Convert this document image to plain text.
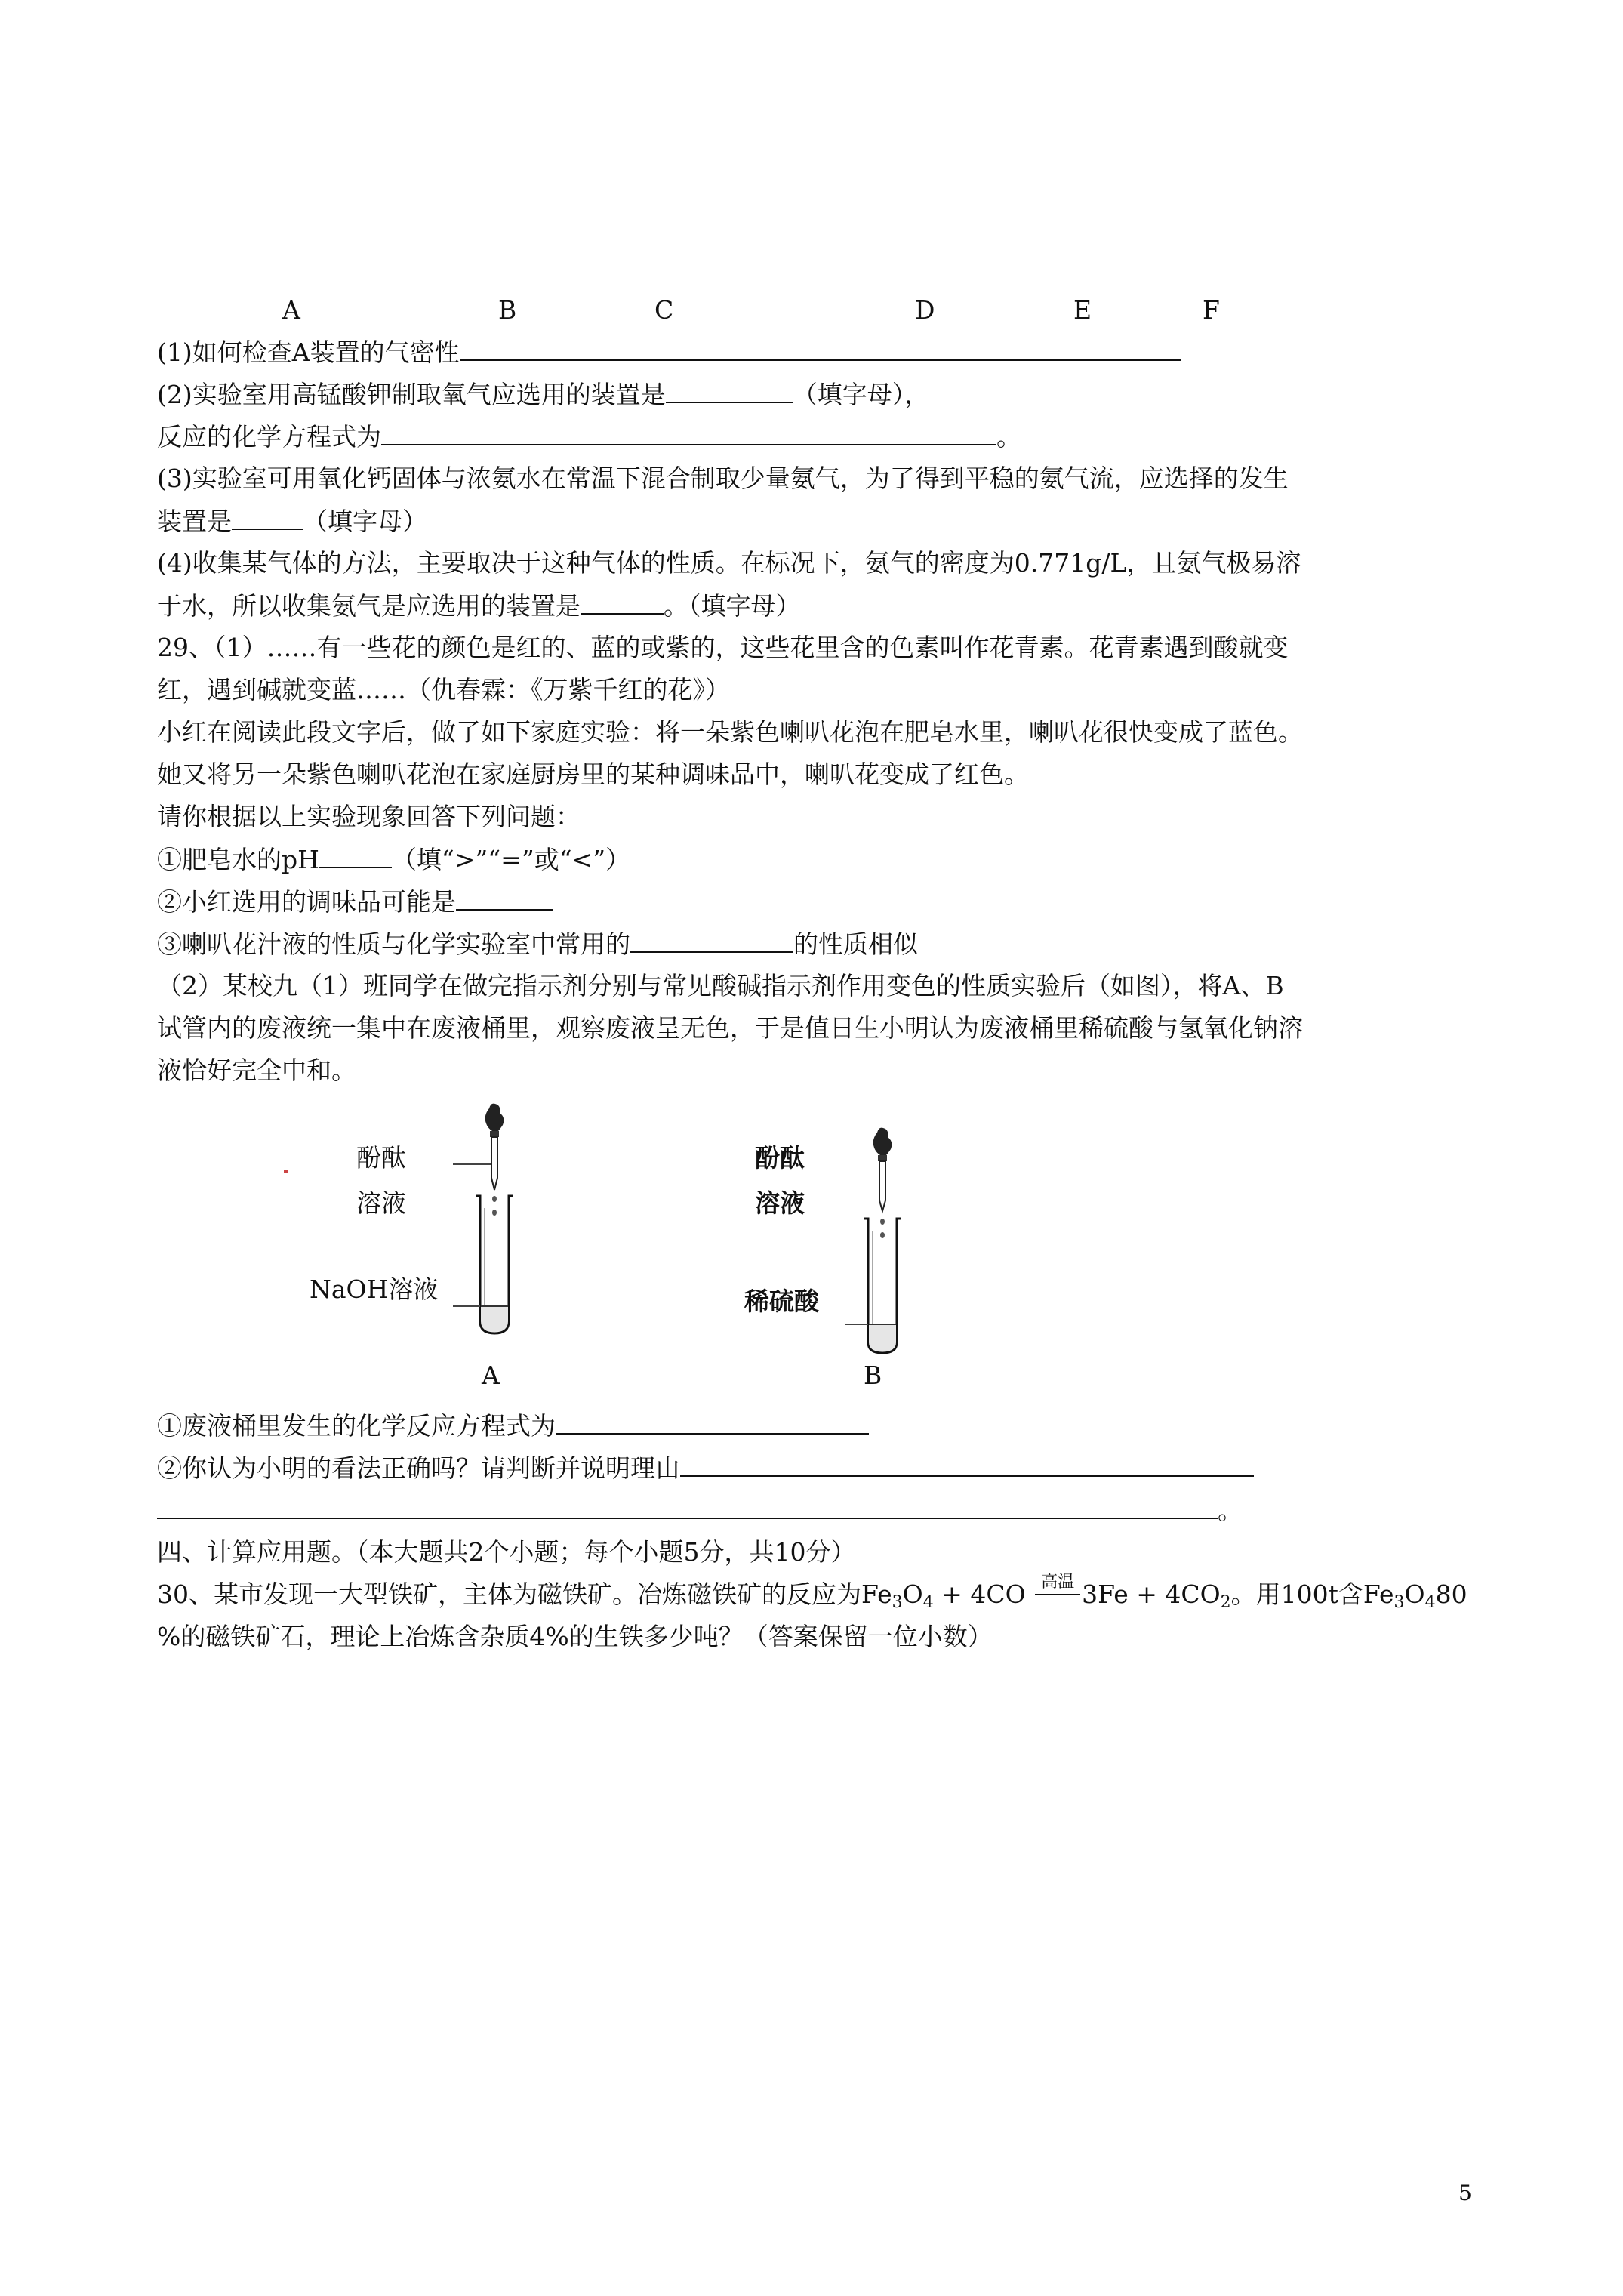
A	B	C	D	E	F
(1)如何检查A装置的气密性
(2)实验室用高锰酸钾制取氧气应选用的装置是	（填字母），
反应的化学方程式为	。
(3)实验室可用氧化钙固体与浓氨水在常温下混合制取少量氨气，为了得到平稳的氨气流，应选择的发生
装置是	（填字母）
(4)收集某气体的方法，主要取决于这种气体的性质。在标况下，氨气的密度为0.771g/L，且氨气极易溶
于水，所以收集氨气是应选用的装置是	。（填字母）
29、（1）……有一些花的颜色是红的、蓝的或紫的，这些花里含的色素叫作花青素。花青素遇到酸就变
红，遇到碱就变蓝……（仇春霖：《万紫千红的花》）
小红在阅读此段文字后，做了如下家庭实验：将一朵紫色喇叭花泡在肥皂水里，喇叭花很快变成了蓝色。
她又将另一朵紫色喇叭花泡在家庭厨房里的某种调味品中，喇叭花变成了红色。
请你根据以上实验现象回答下列问题：
①肥皂水的pH	（填“>”“=”或“<”）
②小红选用的调味品可能是
③喇叭花汁液的性质与化学实验室中常用的	的性质相似
（2）某校九（1）班同学在做完指示剂分别与常见酸碱指示剂作用变色的性质实验后（如图），将A、B
试管内的废液统一集中在废液桶里，观察废液呈无色，于是值日生小明认为废液桶里稀硫酸与氢氧化钠溶
液恰好完全中和。
酚酞
溶液
NaOH溶液
A
酚酞
溶液
稀硫酸
B
①废液桶里发生的化学反应方程式为
②你认为小明的看法正确吗？请判断并说明理由
。
四、计算应用题。（本大题共2个小题；每个小题5分，共10分）
30、某市发现一大型铁矿，主体为磁铁矿。冶炼磁铁矿的反应为$Fe_3O_4 + 4CO$ 高温 $3Fe + 4CO_2$。用100t含$Fe_3O_480$
%的磁铁矿石，理论上冶炼含杂质4%的生铁多少吨？（答案保留一位小数）
5
